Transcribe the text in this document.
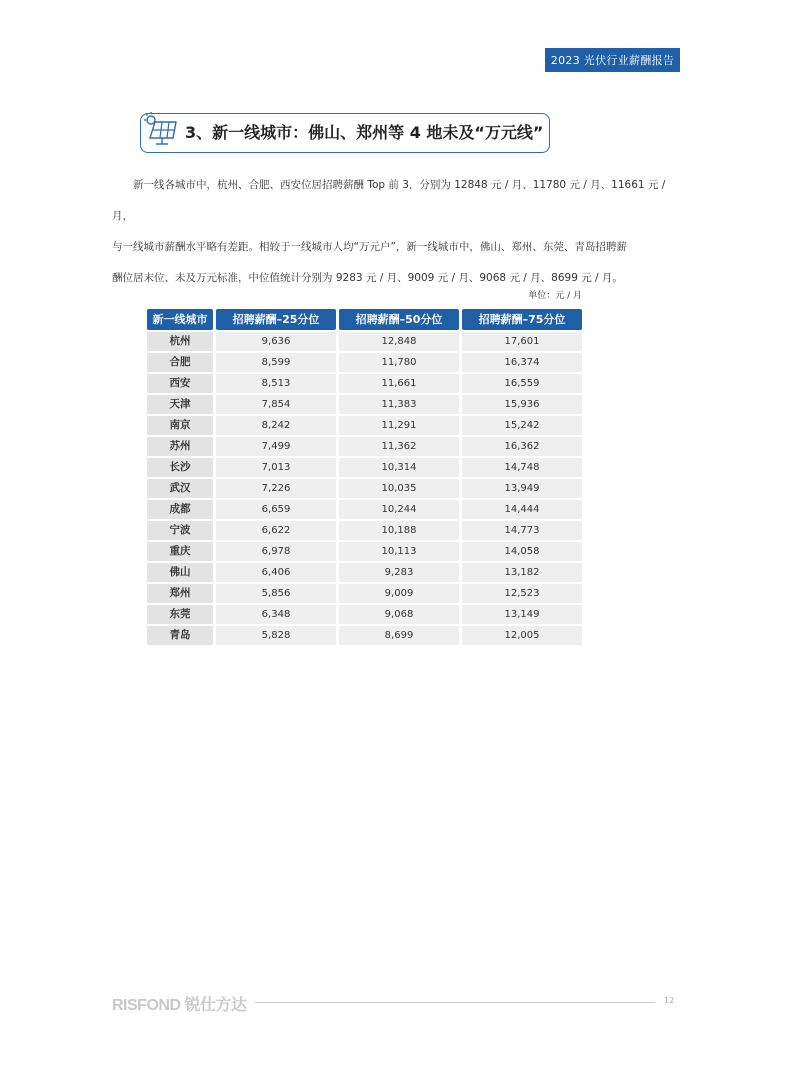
2023 光伏行业薪酬报告
3、新一线城市：佛山、郑州等 4 地未及“万元线”

新一线各城市中，杭州、合肥、西安位居招聘薪酬 Top 前 3，分别为 12848 元 / 月、11780 元 / 月、11661 元 / 月，

与一线城市薪酬水平略有差距。相较于一线城市人均“万元户”，新一线城市中，佛山、郑州、东莞、青岛招聘薪

酬位居末位、未及万元标准，中位值统计分别为 9283 元 / 月、9009 元 / 月、9068 元 / 月、8699 元 / 月。

单位：元 / 月
新一线城市	招聘薪酬–25分位	招聘薪酬–50分位	招聘薪酬–75分位
杭州	9,636	12,848	17,601
合肥	8,599	11,780	16,374
西安	8,513	11,661	16,559
天津	7,854	11,383	15,936
南京	8,242	11,291	15,242
苏州	7,499	11,362	16,362
长沙	7,013	10,314	14,748
武汉	7,226	10,035	13,949
成都	6,659	10,244	14,444
宁波	6,622	10,188	14,773
重庆	6,978	10,113	14,058
佛山	6,406	9,283	13,182
郑州	5,856	9,009	12,523
东莞	6,348	9,068	13,149
青岛	5,828	8,699	12,005
RISFOND 锐仕方达	12
